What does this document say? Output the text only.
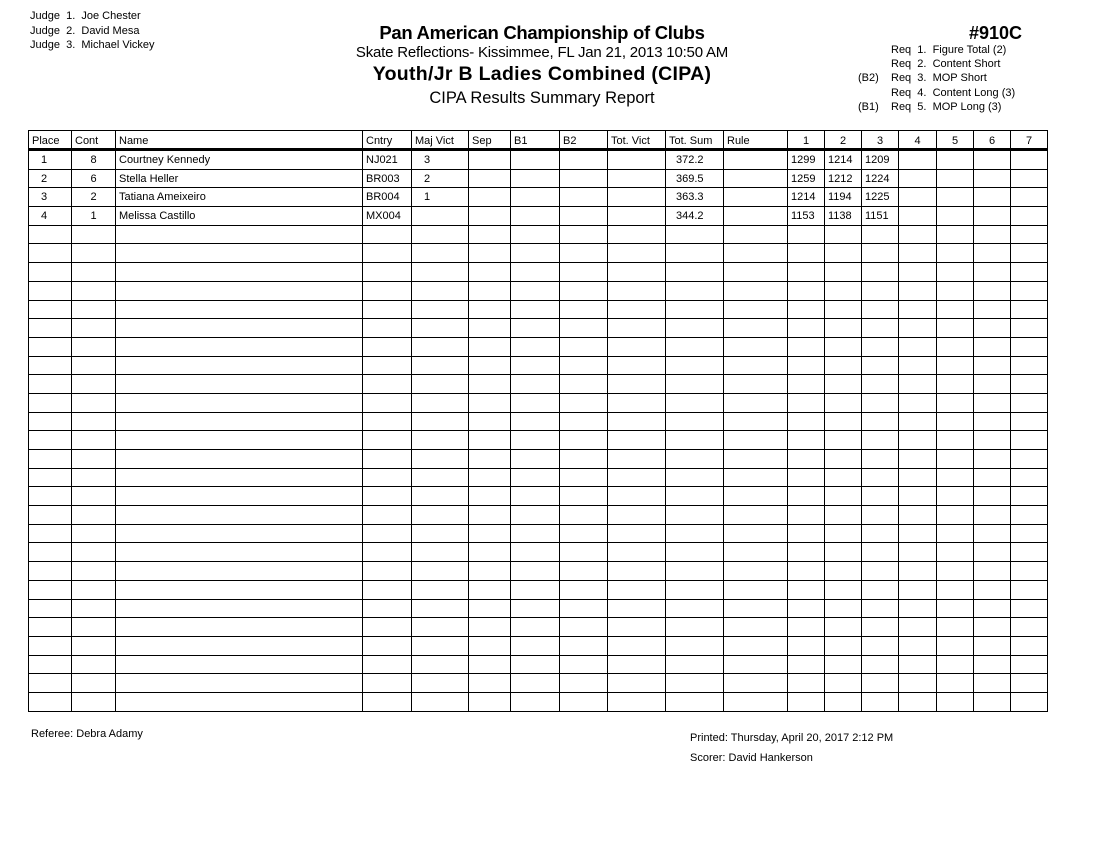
Judge  1.  Joe Chester
Judge  2.  David Mesa
Judge  3.  Michael Vickey
Pan American Championship of Clubs
Skate Reflections- Kissimmee, FL Jan 21, 2013 10:50 AM
Youth/Jr B Ladies Combined (CIPA)
CIPA Results Summary Report
#910C
Req  1.  Figure Total (2)
Req  2.  Content Short
(B2)	Req  3.  MOP Short
Req  4.  Content Long (3)
(B1)	Req  5.  MOP Long (3)
Place	Cont	Name	Cntry	Maj Vict	Sep	B1	B2	Tot. Vict	Tot. Sum	Rule	1	2	3	4	5	6	7
1	8	Courtney Kennedy	NJ021	3					372.2		1299	1214	1209				
2	6	Stella Heller	BR003	2					369.5		1259	1212	1224				
3	2	Tatiana Ameixeiro	BR004	1					363.3		1214	1194	1225				
4	1	Melissa Castillo	MX004						344.2		1153	1138	1151				

Referee: Debra Adamy	Printed: Thursday, April 20, 2017 2:12 PM
Scorer: David Hankerson
